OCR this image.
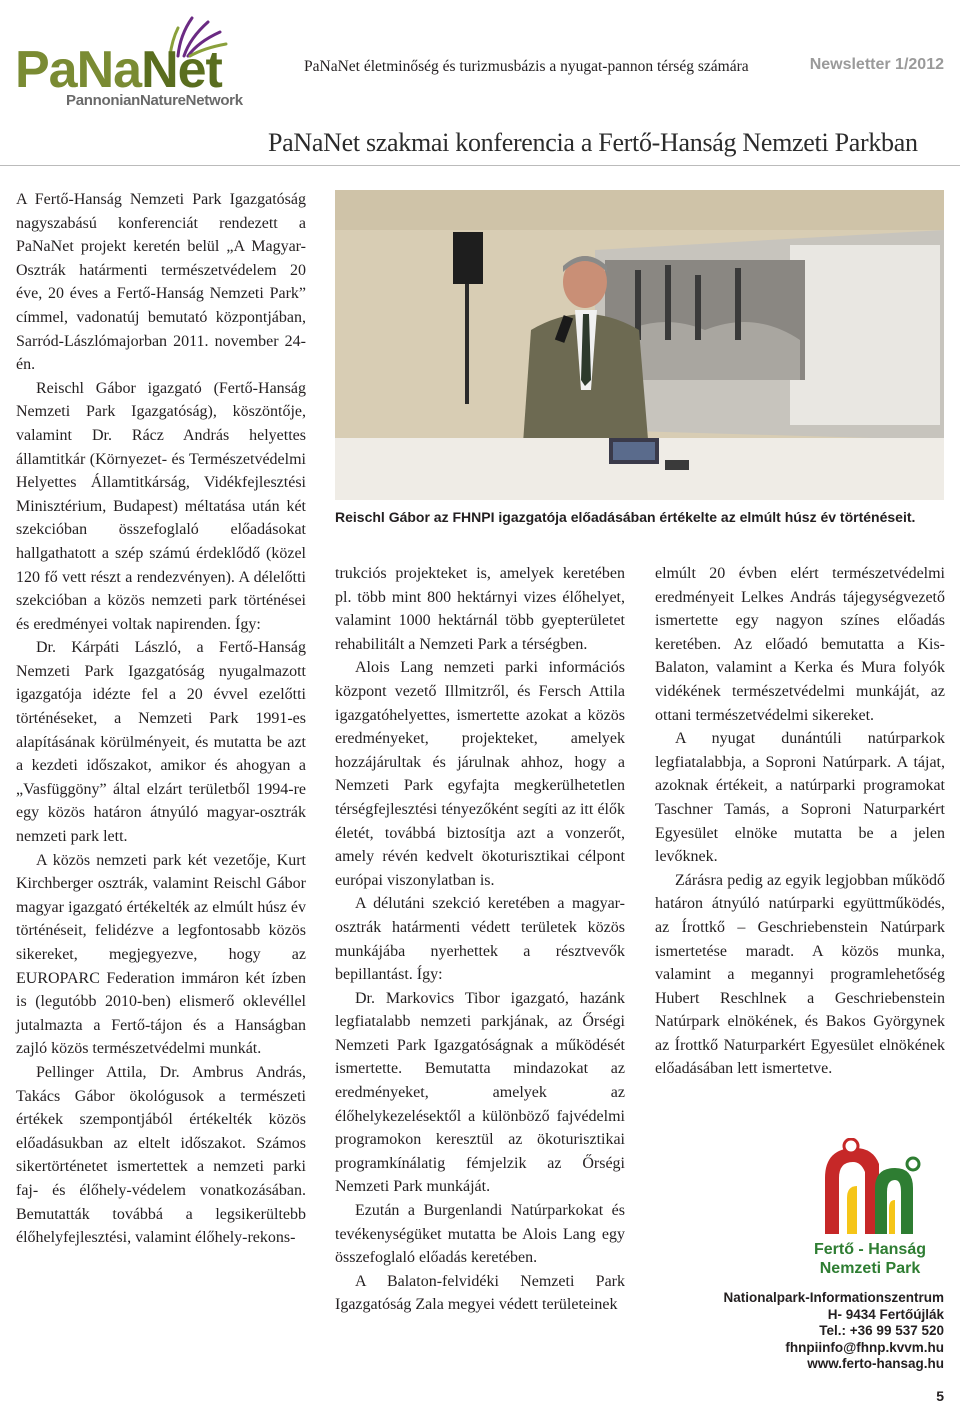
PaNaNet
PannonianNatureNetwork
PaNaNet életminőség és turizmusbázis a nyugat-pannon térség számára	Newsletter 1/2012
PaNaNet szakmai konferencia a Fertő-Hanság Nemzeti Parkban

A Fertő-Hanság Nemzeti Park Igazgatóság nagyszabású konferenciát rendezett a PaNaNet projekt keretén belül „A Magyar-Osztrák határmenti természetvédelem 20 éve, 20 éves a Fertő-Hanság Nemzeti Park” címmel, vadonatúj bemutató központjában, Sarród-Lászlómajorban 2011. november 24-én.

Reischl Gábor igazgató (Fertő-Hanság Nemzeti Park Igazgatóság), köszöntője, valamint Dr. Rácz András helyettes államtitkár (Környezet- és Természetvédelmi Helyettes Államtitkárság, Vidékfejlesztési Minisztérium, Budapest) méltatása után két szekcióban összefoglaló előadásokat hallgathatott a szép számú érdeklődő (közel 120 fő vett részt a rendezvényen). A délelőtti szekcióban a közös nemzeti park történései és eredményei voltak napirenden. Így:

Dr. Kárpáti László, a Fertő-Hanság Nemzeti Park Igazgatóság nyugalmazott igazgatója idézte fel a 20 évvel ezelőtti történéseket, a Nemzeti Park 1991-es alapításának körülményeit, és mutatta be azt a kezdeti időszakot, amikor és ahogyan a „Vasfüggöny” által elzárt területből 1994-re egy közös határon átnyúló magyar-osztrák nemzeti park lett.

A közös nemzeti park két vezetője, Kurt Kirchberger osztrák, valamint Reischl Gábor magyar igazgató értékelték az elmúlt húsz év történéseit, felidézve a legfontosabb közös sikereket, megjegyezve, hogy az EUROPARC Federation immáron két ízben is (legutóbb 2010-ben) elismerő oklevéllel jutalmazta a Fertő-tájon és a Hanságban zajló közös természetvédelmi munkát.

Pellinger Attila, Dr. Ambrus András, Takács Gábor ökológusok a természeti értékek szempontjából értékelték közös előadásukban az eltelt időszakot. Számos sikertörténetet ismertettek a nemzeti parki faj- és élőhely-védelem vonatkozásában. Bemutatták továbbá a legsikerültebb élőhelyfejlesztési, valamint élőhely-rekons-

Reischl Gábor az FHNPI igazgatója előadásában értékelte az elmúlt húsz év történéseit.

trukciós projekteket is, amelyek keretében pl. több mint 800 hektárnyi vizes élőhelyet, valamint 1000 hektárnál több gyepterületet rehabilitált a Nemzeti Park a térségben.

Alois Lang nemzeti parki információs központ vezető Illmitzről, és Fersch Attila igazgatóhelyettes, ismertette azokat a közös eredményeket, projekteket, amelyek hozzájárultak és járulnak ahhoz, hogy a Nemzeti Park egyfajta megkerülhetetlen térségfejlesztési tényezőként segíti az itt élők életét, továbbá biztosítja azt a vonzerőt, amely révén kedvelt ökoturisztikai célpont európai viszonylatban is.

A délutáni szekció keretében a magyar-osztrák határmenti védett területek közös munkájába nyerhettek a résztvevők bepillantást. Így:

Dr. Markovics Tibor igazgató, hazánk legfiatalabb nemzeti parkjának, az Őrségi Nemzeti Park Igazgatóságnak a működését ismertette. Bemutatta mindazokat az eredményeket, amelyek az élőhelykezelésektől a különböző fajvédelmi programokon keresztül az ökoturisztikai programkínálatig fémjelzik az Őrségi Nemzeti Park munkáját.

Ezután a Burgenlandi Natúrparkokat és tevékenységüket mutatta be Alois Lang egy összefoglaló előadás keretében.

A Balaton-felvidéki Nemzeti Park Igazgatóság Zala megyei védett területeinek

elmúlt 20 évben elért természetvédelmi eredményeit Lelkes András tájegységvezető ismertette egy nagyon színes előadás keretében. Az előadó bemutatta a Kis-Balaton, valamint a Kerka és Mura folyók vidékének természetvédelmi munkáját, az ottani természetvédelmi sikereket.

A nyugat dunántúli natúrparkok legfiatalabbja, a Soproni Natúrpark. A tájat, azoknak értékeit, a natúrparki programokat Taschner Tamás, a Soproni Naturparkért Egyesület elnöke mutatta be a jelen levőknek.

Zárásra pedig az egyik legjobban működő határon átnyúló natúrparki együttműködés, az Írottkő – Geschriebenstein Natúrpark ismertetése maradt. A közös munka, valamint a megannyi programlehetőség Hubert Reschlnek a Geschriebenstein Natúrpark elnökének, és Bakos Györgynek az Írottkő Naturparkért Egyesület elnökének előadásában lett ismertetve.

Fertő - Hanság
Nemzeti Park
Nationalpark-Informationszentrum
H- 9434 Fertőújlák
Tel.: +36 99 537 520
fhnpiinfo@fhnp.kvvm.hu
www.ferto-hansag.hu
5
